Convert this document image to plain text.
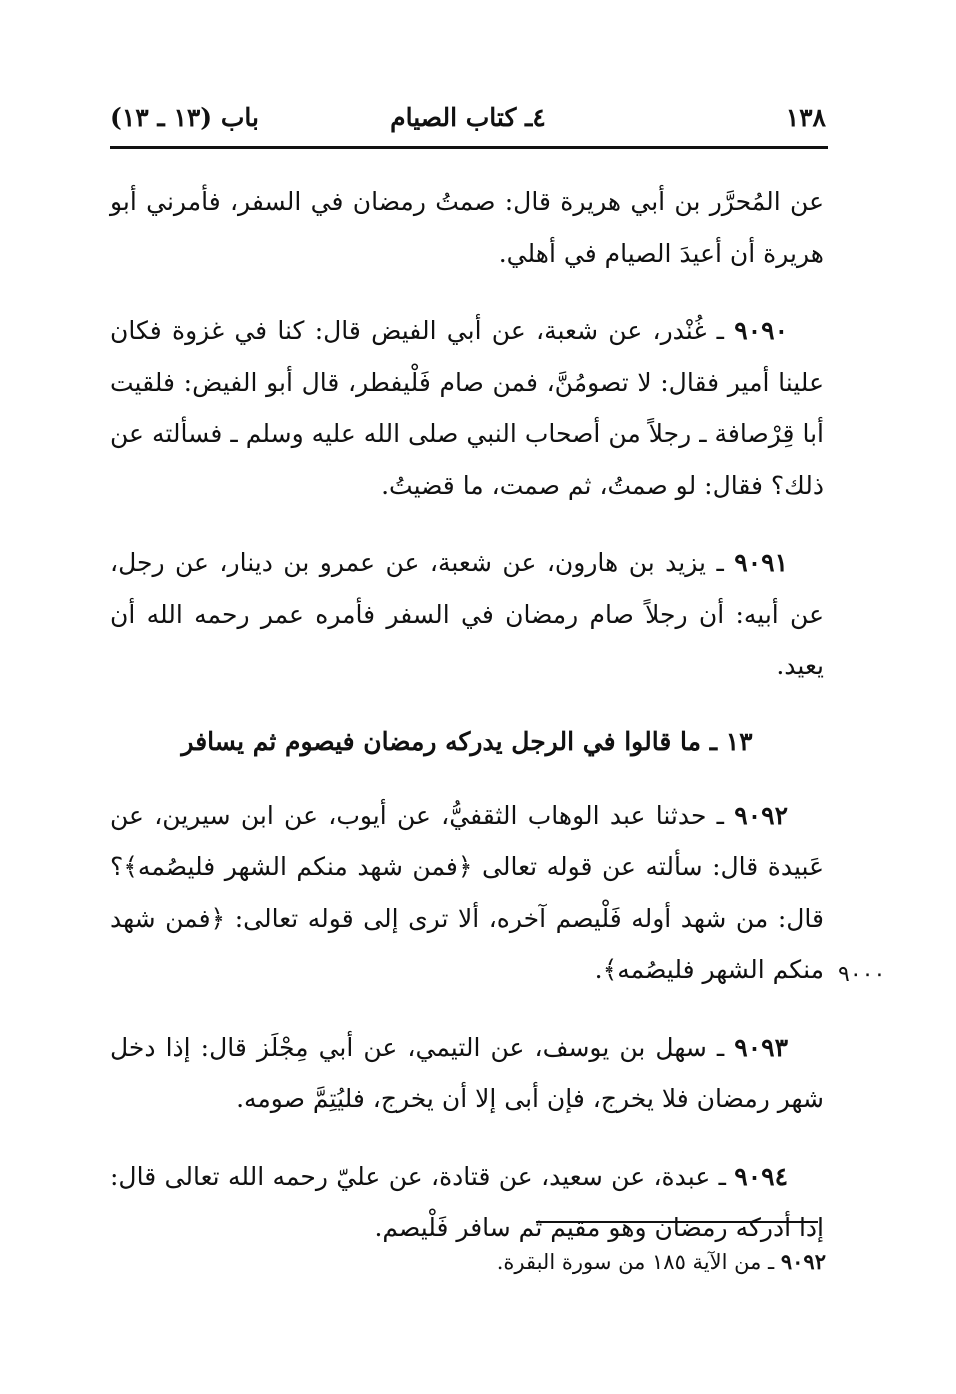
١٣٨
٤ـ كتاب الصيام
باب (١٣ ـ ١٣)

عن المُحرَّر بن أبي هريرة قال: صمتُ رمضان في السفر، فأمرني أبو هريرة أن أعيدَ الصيام في أهلي.

٩٠٩٠ ـ غُنْدر، عن شعبة، عن أبي الفيض قال: كنا في غزوة فكان علينا أمير فقال: لا تصومُنَّ، فمن صام فَلْيفطر، قال أبو الفيض: فلقيت أبا قِرْصافة ـ رجلاً من أصحاب النبي صلى الله عليه وسلم ـ فسألته عن ذلك؟ فقال: لو صمتُ، ثم صمت، ما قضيتُ.

٩٠٩١ ـ يزيد بن هارون، عن شعبة، عن عمرو بن دينار، عن رجل، عن أبيه: أن رجلاً صام رمضان في السفر فأمره عمر رحمه الله أن يعيد.

١٣ ـ ما قالوا في الرجل يدركه رمضان فيصوم ثم يسافر

٩٠٩٢ ـ حدثنا عبد الوهاب الثقفيُّ، عن أيوب، عن ابن سيرين، عن عَبيدة قال: سألته عن قوله تعالى ﴿فمن شهد منكم الشهر فليصُمه﴾؟ قال: من شهد أوله فَلْيصم آخره، ألا ترى إلى قوله تعالى: ﴿فمن شهد منكم الشهر فليصُمه﴾.

٩٠٩٣ ـ سهل بن يوسف، عن التيمي، عن أبي مِجْلَز قال: إذا دخل شهر رمضان فلا يخرج، فإن أبى إلا أن يخرج، فليُتِمَّ صومه.

٩٠٩٤ ـ عبدة، عن سعيد، عن قتادة، عن عليّ رحمه الله تعالى قال: إذا أدركه رمضان وهو مقيم ثم سافر فَلْيصم.

٩٠٠٠
٩٠٩٢ ـ من الآية ١٨٥ من سورة البقرة.
